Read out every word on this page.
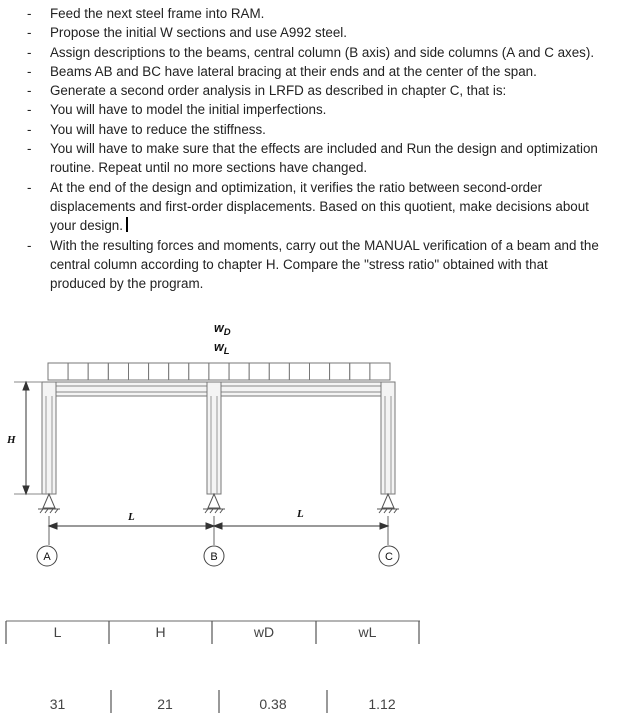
- Feed the next steel frame into RAM.
- Propose the initial W sections and use A992 steel.
- Assign descriptions to the beams, central column (B axis) and side columns (A and C axes).
- Beams AB and BC have lateral bracing at their ends and at the center of the span.
- Generate a second order analysis in LRFD as described in chapter C, that is:
- You will have to model the initial imperfections.
- You will have to reduce the stiffness.
- You will have to make sure that the effects are included and Run the design and optimization routine. Repeat until no more sections have changed.
- At the end of the design and optimization, it verifies the ratio between second-order displacements and first-order displacements. Based on this quotient, make decisions about your design.
- With the resulting forces and moments, carry out the MANUAL verification of a beam and the central column according to chapter H. Compare the "stress ratio" obtained with that produced by the program.
$w_D$
$w_L$
H
L	L
A	B	C
L	H	wD	wL
31	21	0.38	1.12
